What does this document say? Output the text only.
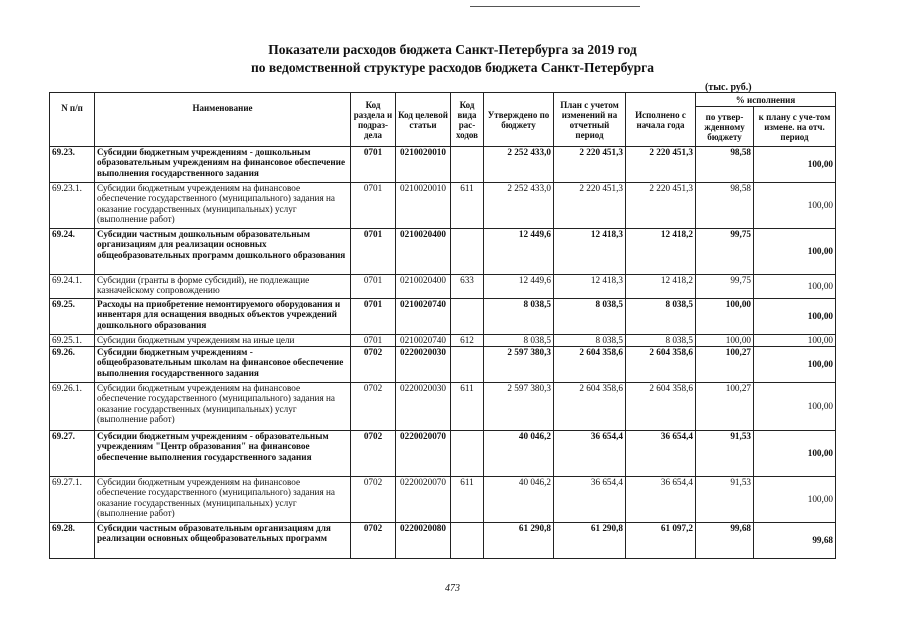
Показатели расходов бюджета Санкт-Петербурга за 2019 год
по ведомственной структуре расходов бюджета Санкт-Петербурга
(тыс. руб.)
N п/п	Наименование	Код раздела и подраз-дела	Код целевой статьи	Код вида рас-ходов	Утверждено по бюджету	План с учетом изменений на отчетный период	Исполнено с начала года	% исполнения	
								по утвер-жденному бюджету	к плану с уче-том измене. на отч. период
69.23.	Субсидии бюджетным учреждениям - дошкольным образовательным учреждениям на финансовое обеспечение выполнения государственного задания	0701	0210020010		2 252 433,0	2 220 451,3	2 220 451,3	98,58	100,00
69.23.1.	Субсидии бюджетным учреждениям на финансовое обеспечение государственного (муниципального) задания на оказание государственных (муниципальных) услуг (выполнение работ)	0701	0210020010	611	2 252 433,0	2 220 451,3	2 220 451,3	98,58	100,00
69.24.	Субсидии частным дошкольным образовательным организациям для реализации основных общеобразовательных программ дошкольного образования	0701	0210020400		12 449,6	12 418,3	12 418,2	99,75	100,00
69.24.1.	Субсидии (гранты в форме субсидий), не подлежащие казначейскому сопровождению	0701	0210020400	633	12 449,6	12 418,3	12 418,2	99,75	100,00
69.25.	Расходы на приобретение немонтируемого оборудования и инвентаря для оснащения вводных объектов учреждений дошкольного образования	0701	0210020740		8 038,5	8 038,5	8 038,5	100,00	100,00
69.25.1.	Субсидии бюджетным учреждениям на иные цели	0701	0210020740	612	8 038,5	8 038,5	8 038,5	100,00	100,00
69.26.	Субсидии бюджетным учреждениям - общеобразовательным школам на финансовое обеспечение выполнения государственного задания	0702	0220020030		2 597 380,3	2 604 358,6	2 604 358,6	100,27	100,00
69.26.1.	Субсидии бюджетным учреждениям на финансовое обеспечение государственного (муниципального) задания на оказание государственных (муниципальных) услуг (выполнение работ)	0702	0220020030	611	2 597 380,3	2 604 358,6	2 604 358,6	100,27	100,00
69.27.	Субсидии бюджетным учреждениям - образовательным учреждениям "Центр образования" на финансовое обеспечение выполнения государственного задания	0702	0220020070		40 046,2	36 654,4	36 654,4	91,53	100,00
69.27.1.	Субсидии бюджетным учреждениям на финансовое обеспечение государственного (муниципального) задания на оказание государственных (муниципальных) услуг (выполнение работ)	0702	0220020070	611	40 046,2	36 654,4	36 654,4	91,53	100,00
69.28.	Субсидии частным образовательным организациям для реализации основных общеобразовательных программ	0702	0220020080		61 290,8	61 290,8	61 097,2	99,68	99,68
473
